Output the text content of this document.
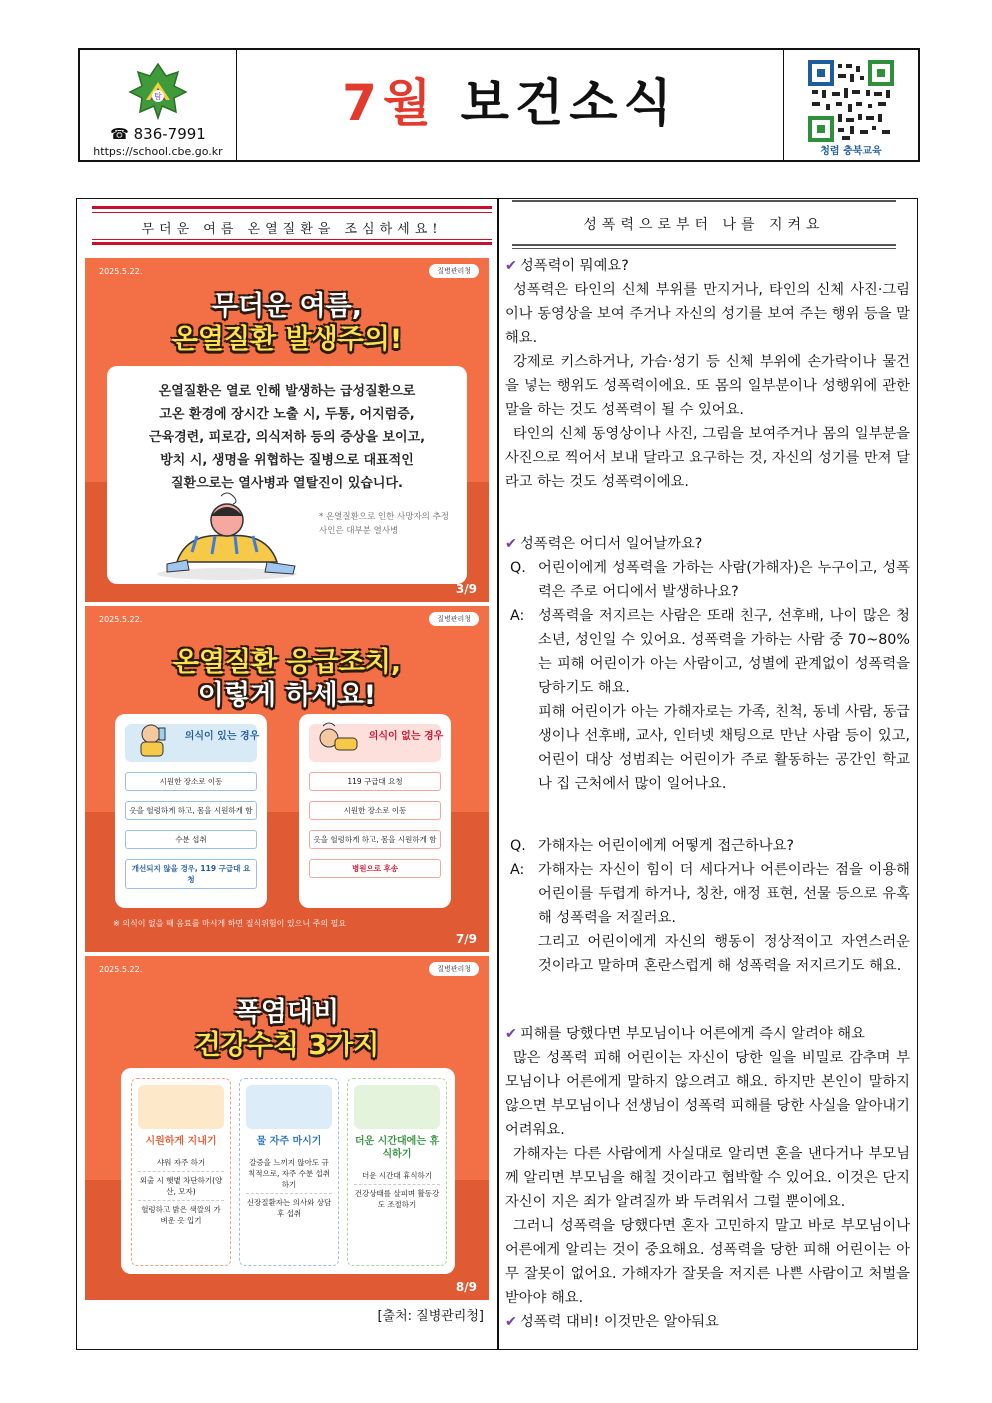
탐
☎ 836-7991
https://school.cbe.go.kr
7월 보건소식
청렴 충북교육
무더운 여름 온열질환을 조심하세요!
2025.5.22.	질병관리청
무더운 여름,
온열질환 발생주의!
온열질환은 열로 인해 발생하는 급성질환으로
고온 환경에 장시간 노출 시, 두통, 어지럼증,
근육경련, 피로감, 의식저하 등의 증상을 보이고,
방치 시, 생명을 위협하는 질병으로 대표적인
질환으로는 열사병과 열탈진이 있습니다.
* 온열질환으로 인한 사망자의 추정 사인은 대부분 열사병
3/9
2025.5.22.	질병관리청
온열질환 응급조치,
이렇게 하세요!
의식이 있는 경우
시원한 장소로 이동
옷을 헐렁하게 하고, 몸을 시원하게 함
수분 섭취
개선되지 않을 경우, 119 구급대 요청
의식이 없는 경우
119 구급대 요청
시원한 장소로 이동
옷을 헐렁하게 하고, 몸을 시원하게 함
병원으로 후송
※ 의식이 없을 때 음료를 마시게 하면 질식위험이 있으니 주의 필요
7/9
2025.5.22.	질병관리청
폭염대비
건강수칙 3가지
시원하게 지내기
샤워 자주 하기
외출 시 햇볕 차단하기(양산, 모자)
헐렁하고 밝은 색깔의 가벼운 옷 입기
물 자주 마시기
갈증을 느끼지 않아도 규칙적으로, 자주 수분 섭취하기
신장질환자는 의사와 상담 후 섭취
더운 시간대에는 휴식하기
더운 시간대 휴식하기
건강상태를 살피며 활동강도 조절하기
8/9
[출처: 질병관리청]
성폭력으로부터 나를 지켜요
✔ 성폭력이 뭐예요?
성폭력은 타인의 신체 부위를 만지거나, 타인의 신체 사진·그림이나 동영상을 보여 주거나 자신의 성기를 보여 주는 행위 등을 말해요.
강제로 키스하거나, 가슴·성기 등 신체 부위에 손가락이나 물건을 넣는 행위도 성폭력이에요. 또 몸의 일부분이나 성행위에 관한 말을 하는 것도 성폭력이 될 수 있어요.
타인의 신체 동영상이나 사진, 그림을 보여주거나 몸의 일부분을 사진으로 찍어서 보내 달라고 요구하는 것, 자신의 성기를 만져 달라고 하는 것도 성폭력이에요.
✔ 성폭력은 어디서 일어날까요?
Q. 어린이에게 성폭력을 가하는 사람(가해자)은 누구이고, 성폭력은 주로 어디에서 발생하나요?
A: 성폭력을 저지르는 사람은 또래 친구, 선후배, 나이 많은 청소년, 성인일 수 있어요. 성폭력을 가하는 사람 중 70~80%는 피해 어린이가 아는 사람이고, 성별에 관계없이 성폭력을 당하기도 해요.
피해 어린이가 아는 가해자로는 가족, 친척, 동네 사람, 동급생이나 선후배, 교사, 인터넷 채팅으로 만난 사람 등이 있고, 어린이 대상 성범죄는 어린이가 주로 활동하는 공간인 학교나 집 근처에서 많이 일어나요.
Q. 가해자는 어린이에게 어떻게 접근하나요?
A: 가해자는 자신이 힘이 더 세다거나 어른이라는 점을 이용해 어린이를 두렵게 하거나, 칭찬, 애정 표현, 선물 등으로 유혹해 성폭력을 저질러요.
그리고 어린이에게 자신의 행동이 정상적이고 자연스러운 것이라고 말하며 혼란스럽게 해 성폭력을 저지르기도 해요.
✔ 피해를 당했다면 부모님이나 어른에게 즉시 알려야 해요
많은 성폭력 피해 어린이는 자신이 당한 일을 비밀로 감추며 부모님이나 어른에게 말하지 않으려고 해요. 하지만 본인이 말하지 않으면 부모님이나 선생님이 성폭력 피해를 당한 사실을 알아내기 어려워요.
가해자는 다른 사람에게 사실대로 알리면 혼을 낸다거나 부모님께 알리면 부모님을 해칠 것이라고 협박할 수 있어요. 이것은 단지 자신이 지은 죄가 알려질까 봐 두려워서 그럴 뿐이에요.
그러니 성폭력을 당했다면 혼자 고민하지 말고 바로 부모님이나 어른에게 알리는 것이 중요해요. 성폭력을 당한 피해 어린이는 아무 잘못이 없어요. 가해자가 잘못을 저지른 나쁜 사람이고 처벌을 받아야 해요.
✔ 성폭력 대비! 이것만은 알아둬요
